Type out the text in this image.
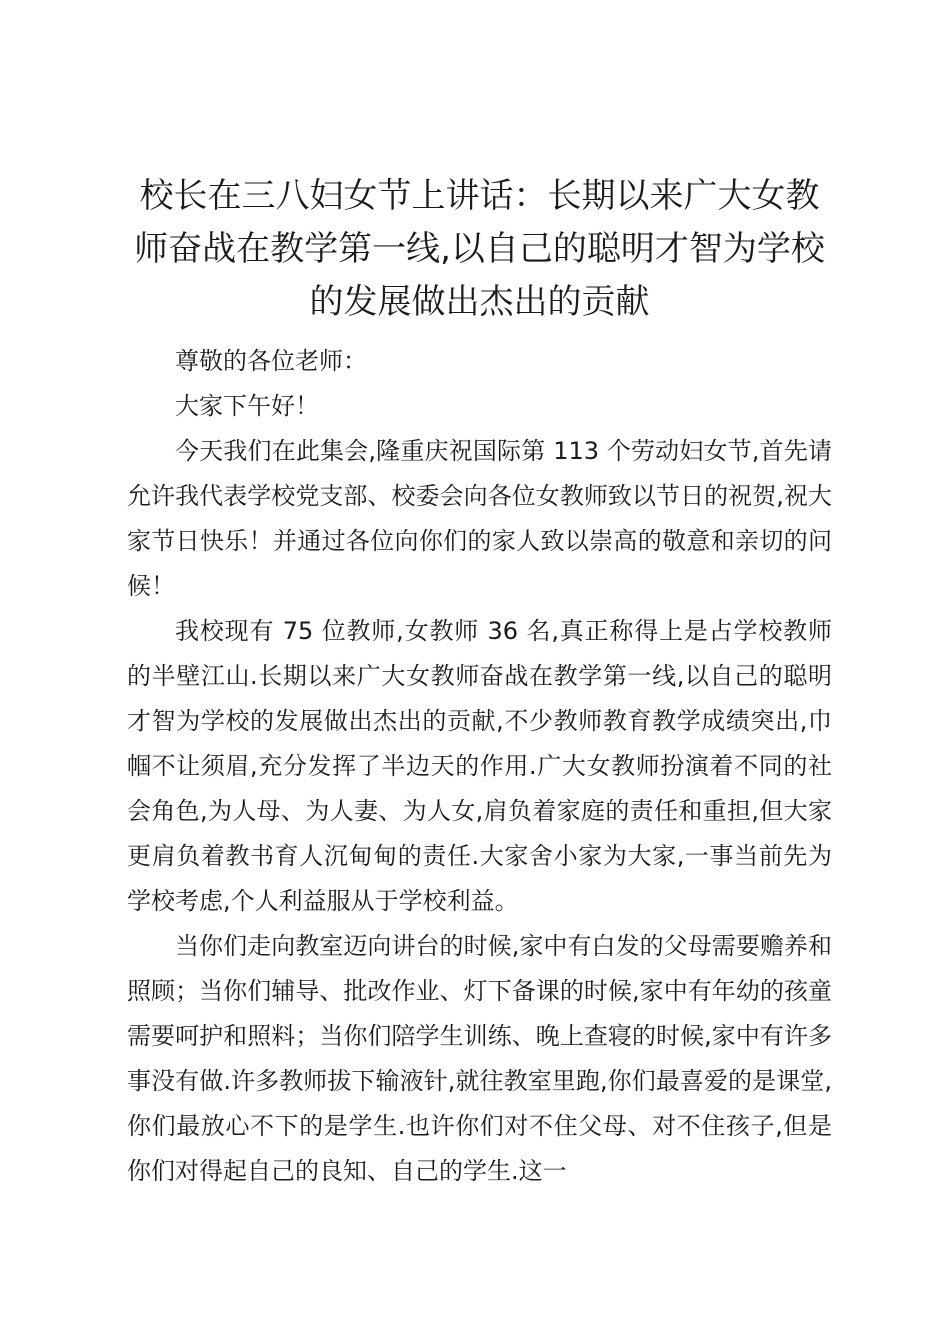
校长在三八妇女节上讲话：长期以来广大女教师奋战在教学第一线,以自己的聪明才智为学校的发展做出杰出的贡献

尊敬的各位老师：

大家下午好！

今天我们在此集会,隆重庆祝国际第 113 个劳动妇女节,首先请允许我代表学校党支部、校委会向各位女教师致以节日的祝贺,祝大家节日快乐！并通过各位向你们的家人致以崇高的敬意和亲切的问候！

我校现有 75 位教师,女教师 36 名,真正称得上是占学校教师的半壁江山.长期以来广大女教师奋战在教学第一线,以自己的聪明才智为学校的发展做出杰出的贡献,不少教师教育教学成绩突出,巾帼不让须眉,充分发挥了半边天的作用.广大女教师扮演着不同的社会角色,为人母、为人妻、为人女,肩负着家庭的责任和重担,但大家更肩负着教书育人沉甸甸的责任.大家舍小家为大家,一事当前先为学校考虑,个人利益服从于学校利益。

当你们走向教室迈向讲台的时候,家中有白发的父母需要赡养和照顾；当你们辅导、批改作业、灯下备课的时候,家中有年幼的孩童需要呵护和照料；当你们陪学生训练、晚上查寝的时候,家中有许多事没有做.许多教师拔下输液针,就往教室里跑,你们最喜爱的是课堂,你们最放心不下的是学生.也许你们对不住父母、对不住孩子,但是你们对得起自己的良知、自己的学生.这一
